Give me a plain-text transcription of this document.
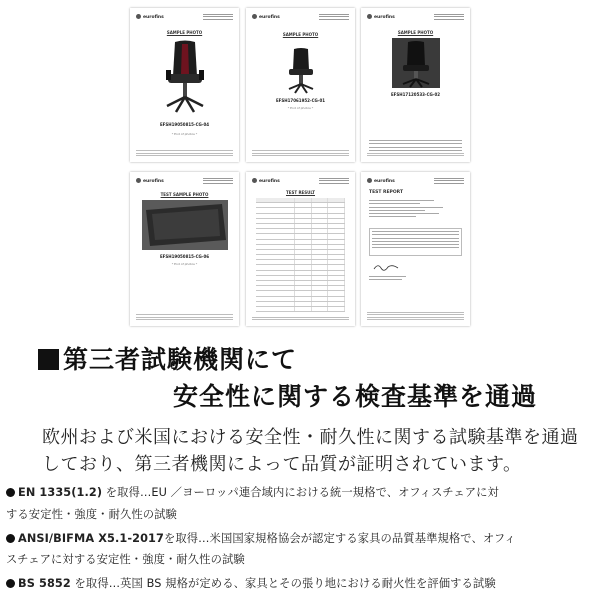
eurofins
SAMPLE PHOTO
EFSH19050815-CG-04
* End of photos *
eurofins
SAMPLE PHOTO
EFSH17061952-CG-01
* End of photos *
eurofins
SAMPLE PHOTO
EFSH17120533-CG-02
eurofins
TEST SAMPLE PHOTO
EFSH19050815-CG-06
* End of photos *
eurofins
TEST RESULT
eurofins
TEST REPORT
第三者試験機関にて
安全性に関する検査基準を通過
欧州および米国における安全性・耐久性に関する試験基準を通過しており、第三者機関によって品質が証明されています。
EN 1335(1.2) を取得…EU ／ヨーロッパ連合域内における統一規格で、オフィスチェアに対
する安定性・強度・耐久性の試験
ANSI/BIFMA X5.1-2017を取得…米国国家規格協会が認定する家具の品質基準規格で、オフィ
スチェアに対する安定性・強度・耐久性の試験
BS 5852 を取得…英国 BS 規格が定める、家具とその張り地における耐火性を評価する試験
